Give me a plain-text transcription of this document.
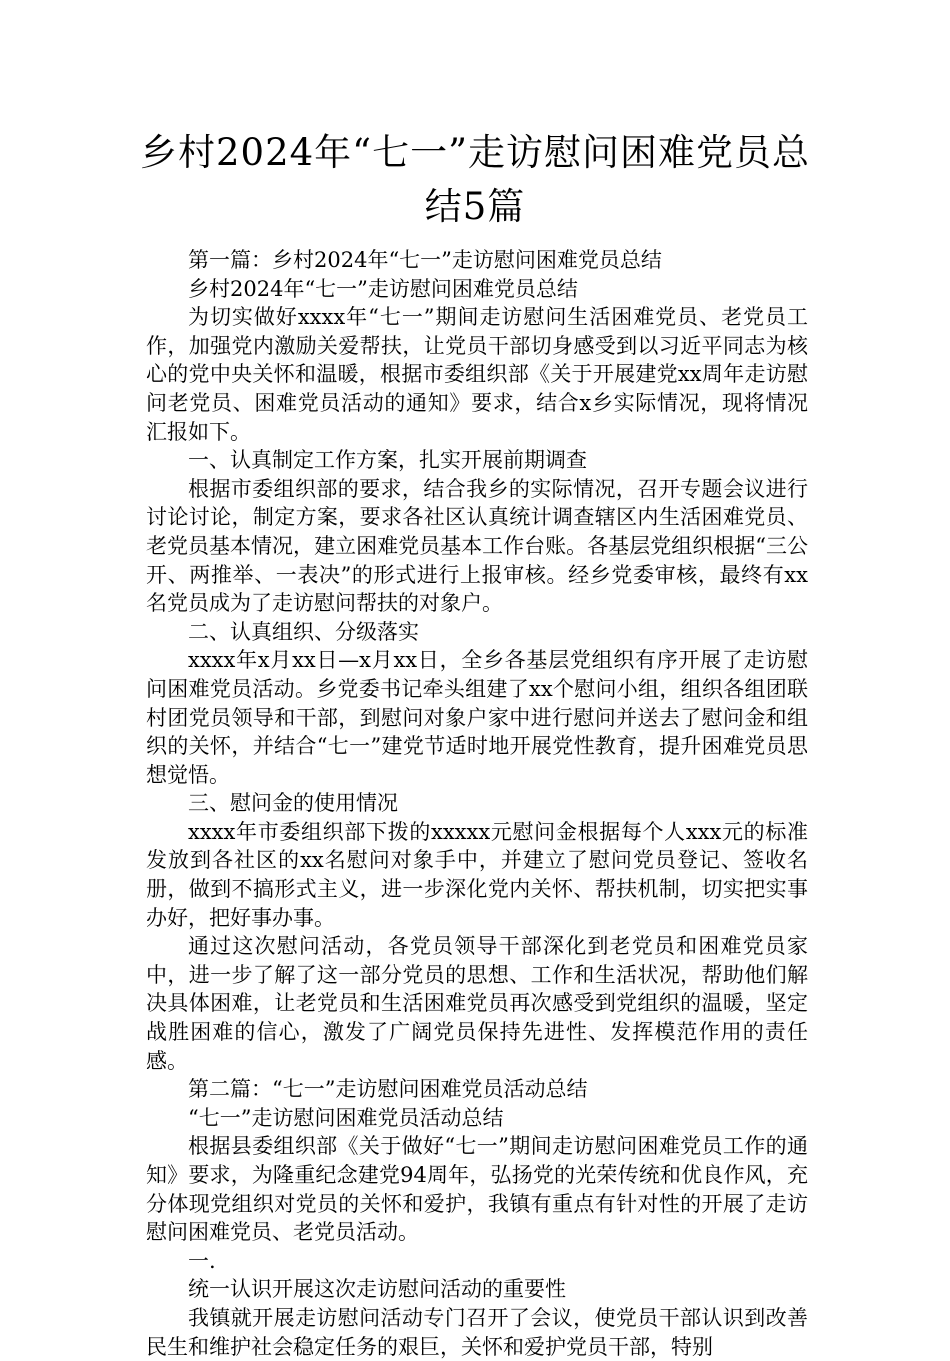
乡村2024年“七一”走访慰问困难党员总
结5篇

第一篇：乡村2024年“七一”走访慰问困难党员总结

乡村2024年“七一”走访慰问困难党员总结

为切实做好xxxx年“七一”期间走访慰问生活困难党员、老党员工作，加强党内激励关爱帮扶，让党员干部切身感受到以习近平同志为核心的党中央关怀和温暖，根据市委组织部《关于开展建党xx周年走访慰问老党员、困难党员活动的通知》要求，结合x乡实际情况，现将情况汇报如下。

一、认真制定工作方案，扎实开展前期调查

根据市委组织部的要求，结合我乡的实际情况，召开专题会议进行讨论讨论，制定方案，要求各社区认真统计调查辖区内生活困难党员、老党员基本情况，建立困难党员基本工作台账。各基层党组织根据“三公开、两推举、一表决”的形式进行上报审核。经乡党委审核，最终有xx名党员成为了走访慰问帮扶的对象户。

二、认真组织、分级落实

xxxx年x月xx日—x月xx日，全乡各基层党组织有序开展了走访慰问困难党员活动。乡党委书记牵头组建了xx个慰问小组，组织各组团联村团党员领导和干部，到慰问对象户家中进行慰问并送去了慰问金和组织的关怀，并结合“七一”建党节适时地开展党性教育，提升困难党员思想觉悟。

三、慰问金的使用情况

xxxx年市委组织部下拨的xxxxx元慰问金根据每个人xxx元的标准发放到各社区的xx名慰问对象手中，并建立了慰问党员登记、签收名册，做到不搞形式主义，进一步深化党内关怀、帮扶机制，切实把实事办好，把好事办事。

通过这次慰问活动，各党员领导干部深化到老党员和困难党员家中，进一步了解了这一部分党员的思想、工作和生活状况，帮助他们解决具体困难，让老党员和生活困难党员再次感受到党组织的温暖，坚定战胜困难的信心，激发了广阔党员保持先进性、发挥模范作用的责任感。

第二篇：“七一”走访慰问困难党员活动总结

“七一”走访慰问困难党员活动总结

根据县委组织部《关于做好“七一”期间走访慰问困难党员工作的通知》要求，为隆重纪念建党94周年，弘扬党的光荣传统和优良作风，充分体现党组织对党员的关怀和爱护，我镇有重点有针对性的开展了走访慰问困难党员、老党员活动。

一.

统一认识开展这次走访慰问活动的重要性

我镇就开展走访慰问活动专门召开了会议，使党员干部认识到改善民生和维护社会稳定任务的艰巨，关怀和爱护党员干部，特别
